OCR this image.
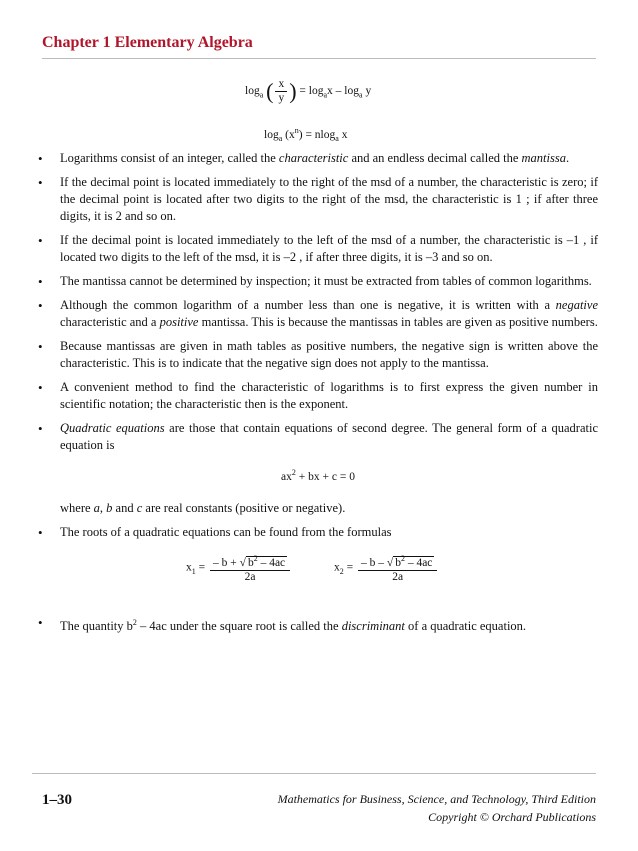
Chapter 1 Elementary Algebra
$\log_a$ ( $\frac{x}{y}$ ) = $\log_ax - \log_a y$
$\log_a (x^n) = nlog_a$ x
• Logarithms consist of an integer, called the characteristic and an endless decimal called the mantissa.
• If the decimal point is located immediately to the right of the msd of a number, the characteristic is zero; if the decimal point is located after two digits to the right of the msd, the characteristic is 1 ; if after three digits, it is 2 and so on.
• If the decimal point is located immediately to the left of the msd of a number, the characteristic is –1 , if located two digits to the left of the msd, it is –2 , if after three digits, it is –3 and so on.
• The mantissa cannot be determined by inspection; it must be extracted from tables of common logarithms.
• Although the common logarithm of a number less than one is negative, it is written with a negative characteristic and a positive mantissa. This is because the mantissas in tables are given as positive numbers.
• Because mantissas are given in math tables as positive numbers, the negative sign is written above the characteristic. This is to indicate that the negative sign does not apply to the mantissa.
• A convenient method to find the characteristic of logarithms is to first express the given number in scientific notation; the characteristic then is the exponent.
• Quadratic equations are those that contain equations of second degree. The general form of a quadratic equation is
$ax^2$ + bx + c = 0
where a, b and c are real constants (positive or negative).
• The roots of a quadratic equations can be found from the formulas
$x_1 = \frac{- b + √ b^2 - 4ac}{2a}$	$x_2 = \frac{- b - √ b^2 - 4ac}{2a}$
• The quantity $b^2 - 4ac$ under the square root is called the discriminant of a quadratic equation.
1–30	Mathematics for Business, Science, and Technology, Third Edition
Copyright © Orchard Publications
